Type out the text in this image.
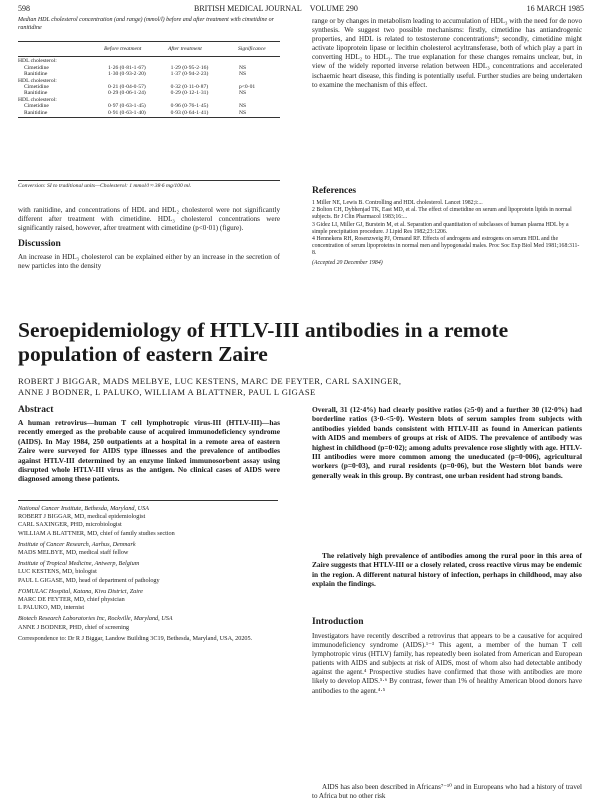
598	BRITISH MEDICAL JOURNAL VOLUME 290	16 MARCH 1985
Median HDL cholesterol concentration (and range) (mmol/l) before and after treatment with cimetidine or ranitidine
Before treatment	After treatment	Significance
HDL cholesterol:
Cimetidine	1·26 (0·81-1·67)	1·29 (0·95-2·16)	NS
Ranitidine	1·30 (0·93-2·20)	1·37 (0·94-2·23)	NS
HDL cholesterol:
Cimetidine	0·21 (0·04-0·57)	0·32 (0·11-0·87)	p<0·01
Ranitidine	0·29 (0·06-1·24)	0·29 (0·12-1·31)	NS
HDL cholesterol:
Cimetidine	0·97 (0·63-1·45)	0·96 (0·76-1·45)	NS
Ranitidine	0·91 (0·63-1·40)	0·93 (0·64-1·41)	NS
Conversion: SI to traditional units—Cholesterol: 1 mmol/l ≈ 38·6 mg/100 ml.
with ranitidine, and concentrations of HDL and HDL₂ cholesterol were not significantly different after treatment with cimetidine. HDL₃ cholesterol concentrations were significantly raised, however, after treatment with cimetidine (p<0·01) (figure).
Discussion
An increase in HDL₃ cholesterol can be explained either by an increase in the secretion of new particles into the density
range or by changes in metabolism leading to accumulation of HDL₃ with the need for de novo synthesis. We suggest two possible mechanisms: firstly, cimetidine has antiandrogenic properties, and HDL is related to testosterone concentrations⁹; secondly, cimetidine might activate lipoprotein lipase or lecithin cholesterol acyltransferase, both of which play a part in converting HDL₂ to HDL₃. The true explanation for these changes remains unclear, but, in view of the widely reported inverse relation between HDL₃ concentrations and accelerated ischaemic heart disease, this finding is potentially useful. Further studies are being undertaken to examine the mechanism of this effect.
References
1 Miller NE, Lewis B. Controlling and HDL cholesterol. Lancet 1982;i:...
2 Bolton CH, Dybhenjad TK, East MD, et al. The effect of cimetidine on serum and lipoprotein lipids in normal subjects. Br J Clin Pharmacol 1983;16:...
3 Gidez LI, Miller GJ, Burstein M, et al. Separation and quantitation of subclasses of human plasma HDL by a simple precipitation procedure. J Lipid Res 1982;23:1206.
4 Hennekens RH, Rosenzweig PJ, Ormand RF. Effects of androgens and estrogens on serum HDL and the concentration of serum lipoproteins in normal men and hypogonadal males. Proc Soc Exp Biol Med 1981;168:311-8.
(Accepted 20 December 1984)
Seroepidemiology of HTLV-III antibodies in a remote population of eastern Zaire
ROBERT J BIGGAR, MADS MELBYE, LUC KESTENS, MARC DE FEYTER, CARL SAXINGER,
ANNE J BODNER, L PALUKO, WILLIAM A BLATTNER, PAUL L GIGASE
Abstract
A human retrovirus—human T cell lymphotropic virus-III (HTLV-III)—has recently emerged as the probable cause of acquired immunodeficiency syndrome (AIDS). In May 1984, 250 outpatients at a hospital in a remote area of eastern Zaire were surveyed for AIDS type illnesses and the prevalence of antibodies against HTLV-III determined by an enzyme linked immunosorbent assay using disrupted whole HTLV-III virus as the antigen. No clinical cases of AIDS were diagnosed among these patients.
Overall, 31 (12·4%) had clearly positive ratios (≥5·0) and a further 30 (12·0%) had borderline ratios (3·0-<5·0). Western blots of serum samples from subjects with antibodies yielded bands consistent with HTLV-III as found in American patients with AIDS and members of groups at risk of AIDS. The prevalence of antibody was highest in childhood (p=0·02); among adults prevalence rose slightly with age. HTLV-III antibodies were more common among the uneducated (p=0·006), agricultural workers (p=0·03), and rural residents (p=0·06), but the Western blot bands were generally weak in this group. By contrast, one urban resident had strong bands.
The relatively high prevalence of antibodies among the rural poor in this area of Zaire suggests that HTLV-III or a closely related, cross reactive virus may be endemic in the region. A different natural history of infection, perhaps in childhood, may also explain the findings.
National Cancer Institute, Bethesda, Maryland, USA
ROBERT J BIGGAR, MD, medical epidemiologist
CARL SAXINGER, PHD, microbiologist
WILLIAM A BLATTNER, MD, chief of family studies section
Institute of Cancer Research, Aarhus, Denmark
MADS MELBYE, MD, medical staff fellow
Institute of Tropical Medicine, Antwerp, Belgium
LUC KESTENS, MD, biologist
PAUL L GIGASE, MD, head of department of pathology
FOMULAC Hospital, Katana, Kivu District, Zaire
MARC DE FEYTER, MD, chief physician
L PALUKO, MD, internist
Biotech Research Laboratories Inc, Rockville, Maryland, USA
ANNE J BODNER, PHD, chief of screening
Correspondence to: Dr R J Biggar, Landow Building 3C19, Bethesda, Maryland, USA, 20205.
Introduction
Investigators have recently described a retrovirus that appears to be a causative for acquired immunodeficiency syndrome (AIDS).¹⁻³ This agent, a member of the human T cell lymphotropic virus (HTLV) family, has repeatedly been isolated from American and European patients with AIDS and subjects at risk of AIDS, most of whom also had detectable antibody against the agent.⁴ Prospective studies have confirmed that those with antibodies are more likely to develop AIDS.⁵·⁶ By contrast, fewer than 1% of healthy American blood donors have antibodies to the agent.⁴·⁵
AIDS has also been described in Africans⁷⁻¹⁰ and in Europeans who had a history of travel to Africa but no other risk
